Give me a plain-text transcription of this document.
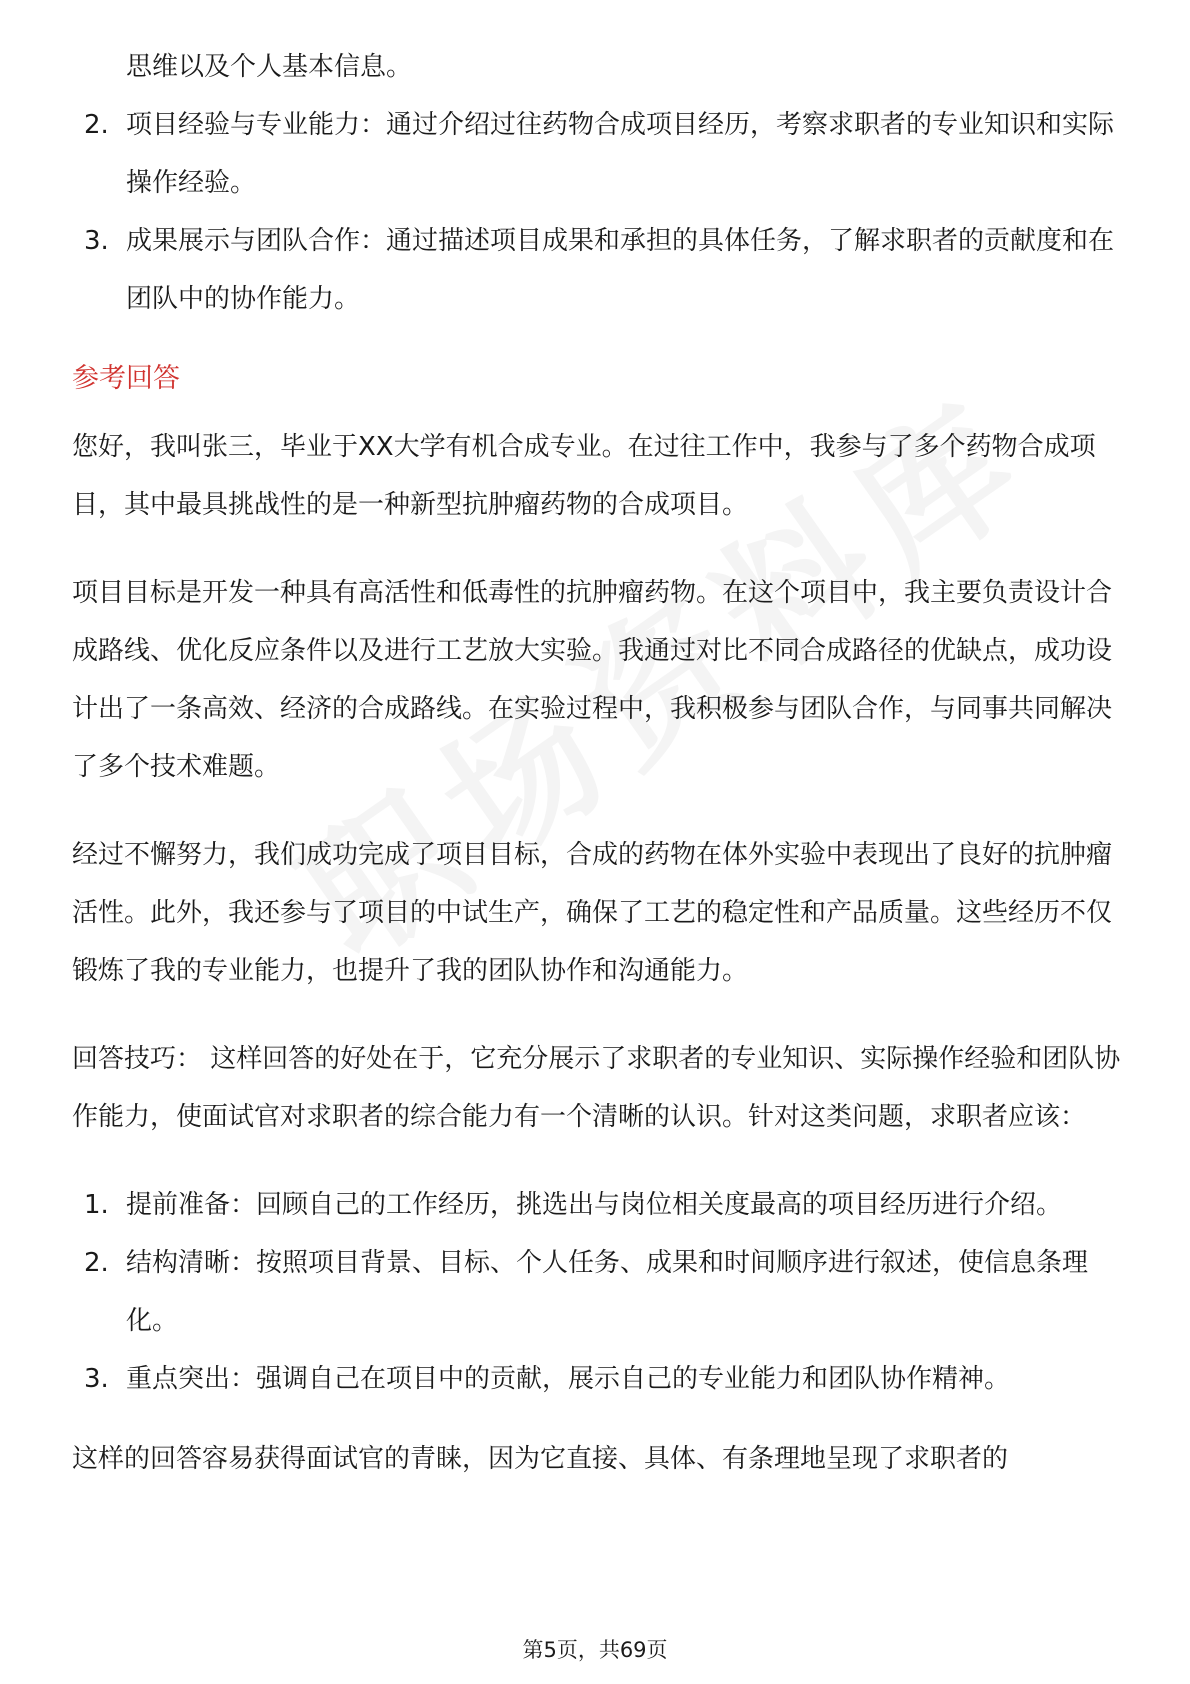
思维以及个人基本信息。
2. 项目经验与专业能力：通过介绍过往药物合成项目经历，考察求职者的专业知识和实际操作经验。
3. 成果展示与团队合作：通过描述项目成果和承担的具体任务，了解求职者的贡献度和在团队中的协作能力。
参考回答

您好，我叫张三，毕业于XX大学有机合成专业。在过往工作中，我参与了多个药物合成项目，其中最具挑战性的是一种新型抗肿瘤药物的合成项目。

项目目标是开发一种具有高活性和低毒性的抗肿瘤药物。在这个项目中，我主要负责设计合成路线、优化反应条件以及进行工艺放大实验。我通过对比不同合成路径的优缺点，成功设计出了一条高效、经济的合成路线。在实验过程中，我积极参与团队合作，与同事共同解决了多个技术难题。

经过不懈努力，我们成功完成了项目目标，合成的药物在体外实验中表现出了良好的抗肿瘤活性。此外，我还参与了项目的中试生产，确保了工艺的稳定性和产品质量。这些经历不仅锻炼了我的专业能力，也提升了我的团队协作和沟通能力。

回答技巧： 这样回答的好处在于，它充分展示了求职者的专业知识、实际操作经验和团队协作能力，使面试官对求职者的综合能力有一个清晰的认识。针对这类问题，求职者应该：

1. 提前准备：回顾自己的工作经历，挑选出与岗位相关度最高的项目经历进行介绍。
2. 结构清晰：按照项目背景、目标、个人任务、成果和时间顺序进行叙述，使信息条理化。
3. 重点突出：强调自己在项目中的贡献，展示自己的专业能力和团队协作精神。

这样的回答容易获得面试官的青睐，因为它直接、具体、有条理地呈现了求职者的

第5页，共69页
